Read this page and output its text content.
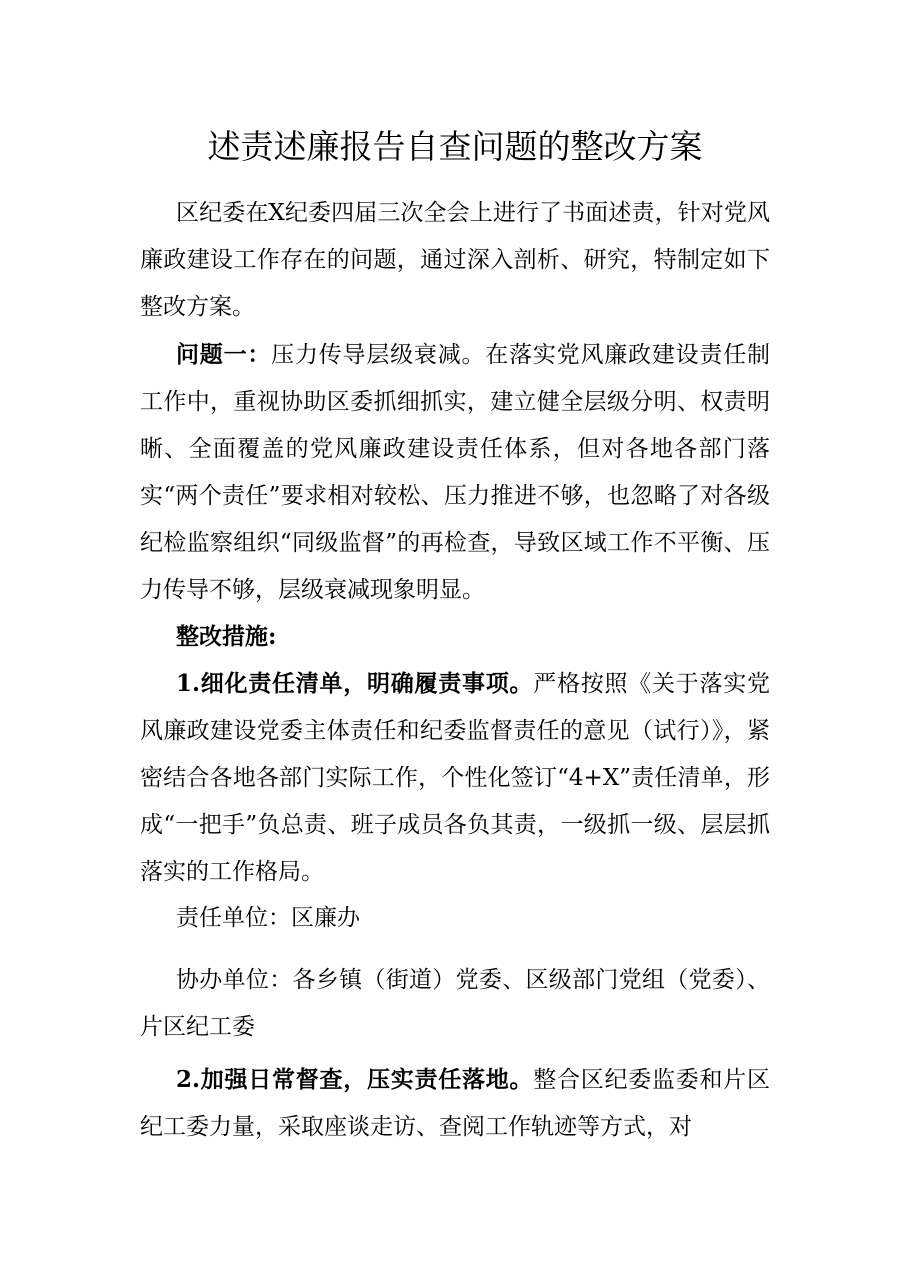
述责述廉报告自查问题的整改方案

区纪委在X纪委四届三次全会上进行了书面述责，针对党风廉政建设工作存在的问题，通过深入剖析、研究，特制定如下整改方案。

问题一：压力传导层级衰减。在落实党风廉政建设责任制工作中，重视协助区委抓细抓实，建立健全层级分明、权责明晰、全面覆盖的党风廉政建设责任体系，但对各地各部门落实“两个责任”要求相对较松、压力推进不够，也忽略了对各级纪检监察组织“同级监督”的再检查，导致区域工作不平衡、压力传导不够，层级衰减现象明显。

整改措施:

1.细化责任清单，明确履责事项。严格按照《关于落实党风廉政建设党委主体责任和纪委监督责任的意见（试行）》，紧密结合各地各部门实际工作，个性化签订“4+X”责任清单，形成“一把手”负总责、班子成员各负其责，一级抓一级、层层抓落实的工作格局。

责任单位：区廉办

协办单位：各乡镇（街道）党委、区级部门党组（党委）、片区纪工委

2.加强日常督查，压实责任落地。整合区纪委监委和片区纪工委力量，采取座谈走访、查阅工作轨迹等方式，对
